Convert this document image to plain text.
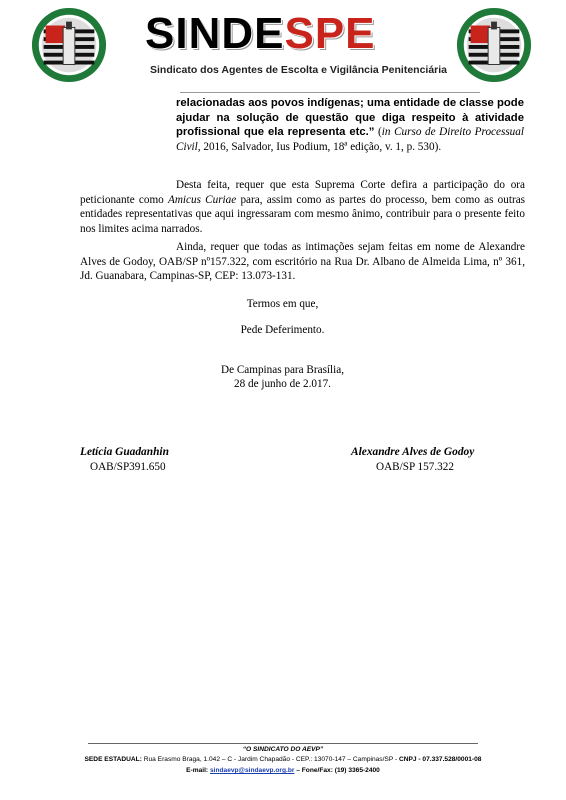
SINDESPE
Sindicato dos Agentes de Escolta e Vigilância Penitenciária
relacionadas aos povos indígenas; uma entidade de classe pode ajudar na solução de questão que diga respeito à atividade profissional que ela representa etc.” (in Curso de Direito Processual Civil, 2016, Salvador, Ius Podium, 18ª edição, v. 1, p. 530).
Desta feita, requer que esta Suprema Corte defira a participação do ora peticionante como Amicus Curiae para, assim como as partes do processo, bem como as outras entidades representativas que aqui ingressaram com mesmo ânimo, contribuir para o presente feito nos limites acima narrados.
Ainda, requer que todas as intimações sejam feitas em nome de Alexandre Alves de Godoy, OAB/SP nº157.322, com escritório na Rua Dr. Albano de Almeida Lima, nº 361, Jd. Guanabara, Campinas-SP, CEP: 13.073-131.
Termos em que,
Pede Deferimento.
De Campinas para Brasília,
28 de junho de 2.017.
Letícia Guadanhin
OAB/SP391.650
Alexandre Alves de Godoy
OAB/SP 157.322
“O SINDICATO DO AEVP”
SEDE ESTADUAL: Rua Erasmo Braga, 1.042 – C - Jardim Chapadão - CEP.: 13070-147 – Campinas/SP - CNPJ - 07.337.528/0001-08
E-mail: sindaevp@sindaevp.org.br – Fone/Fax: (19) 3365-2400
